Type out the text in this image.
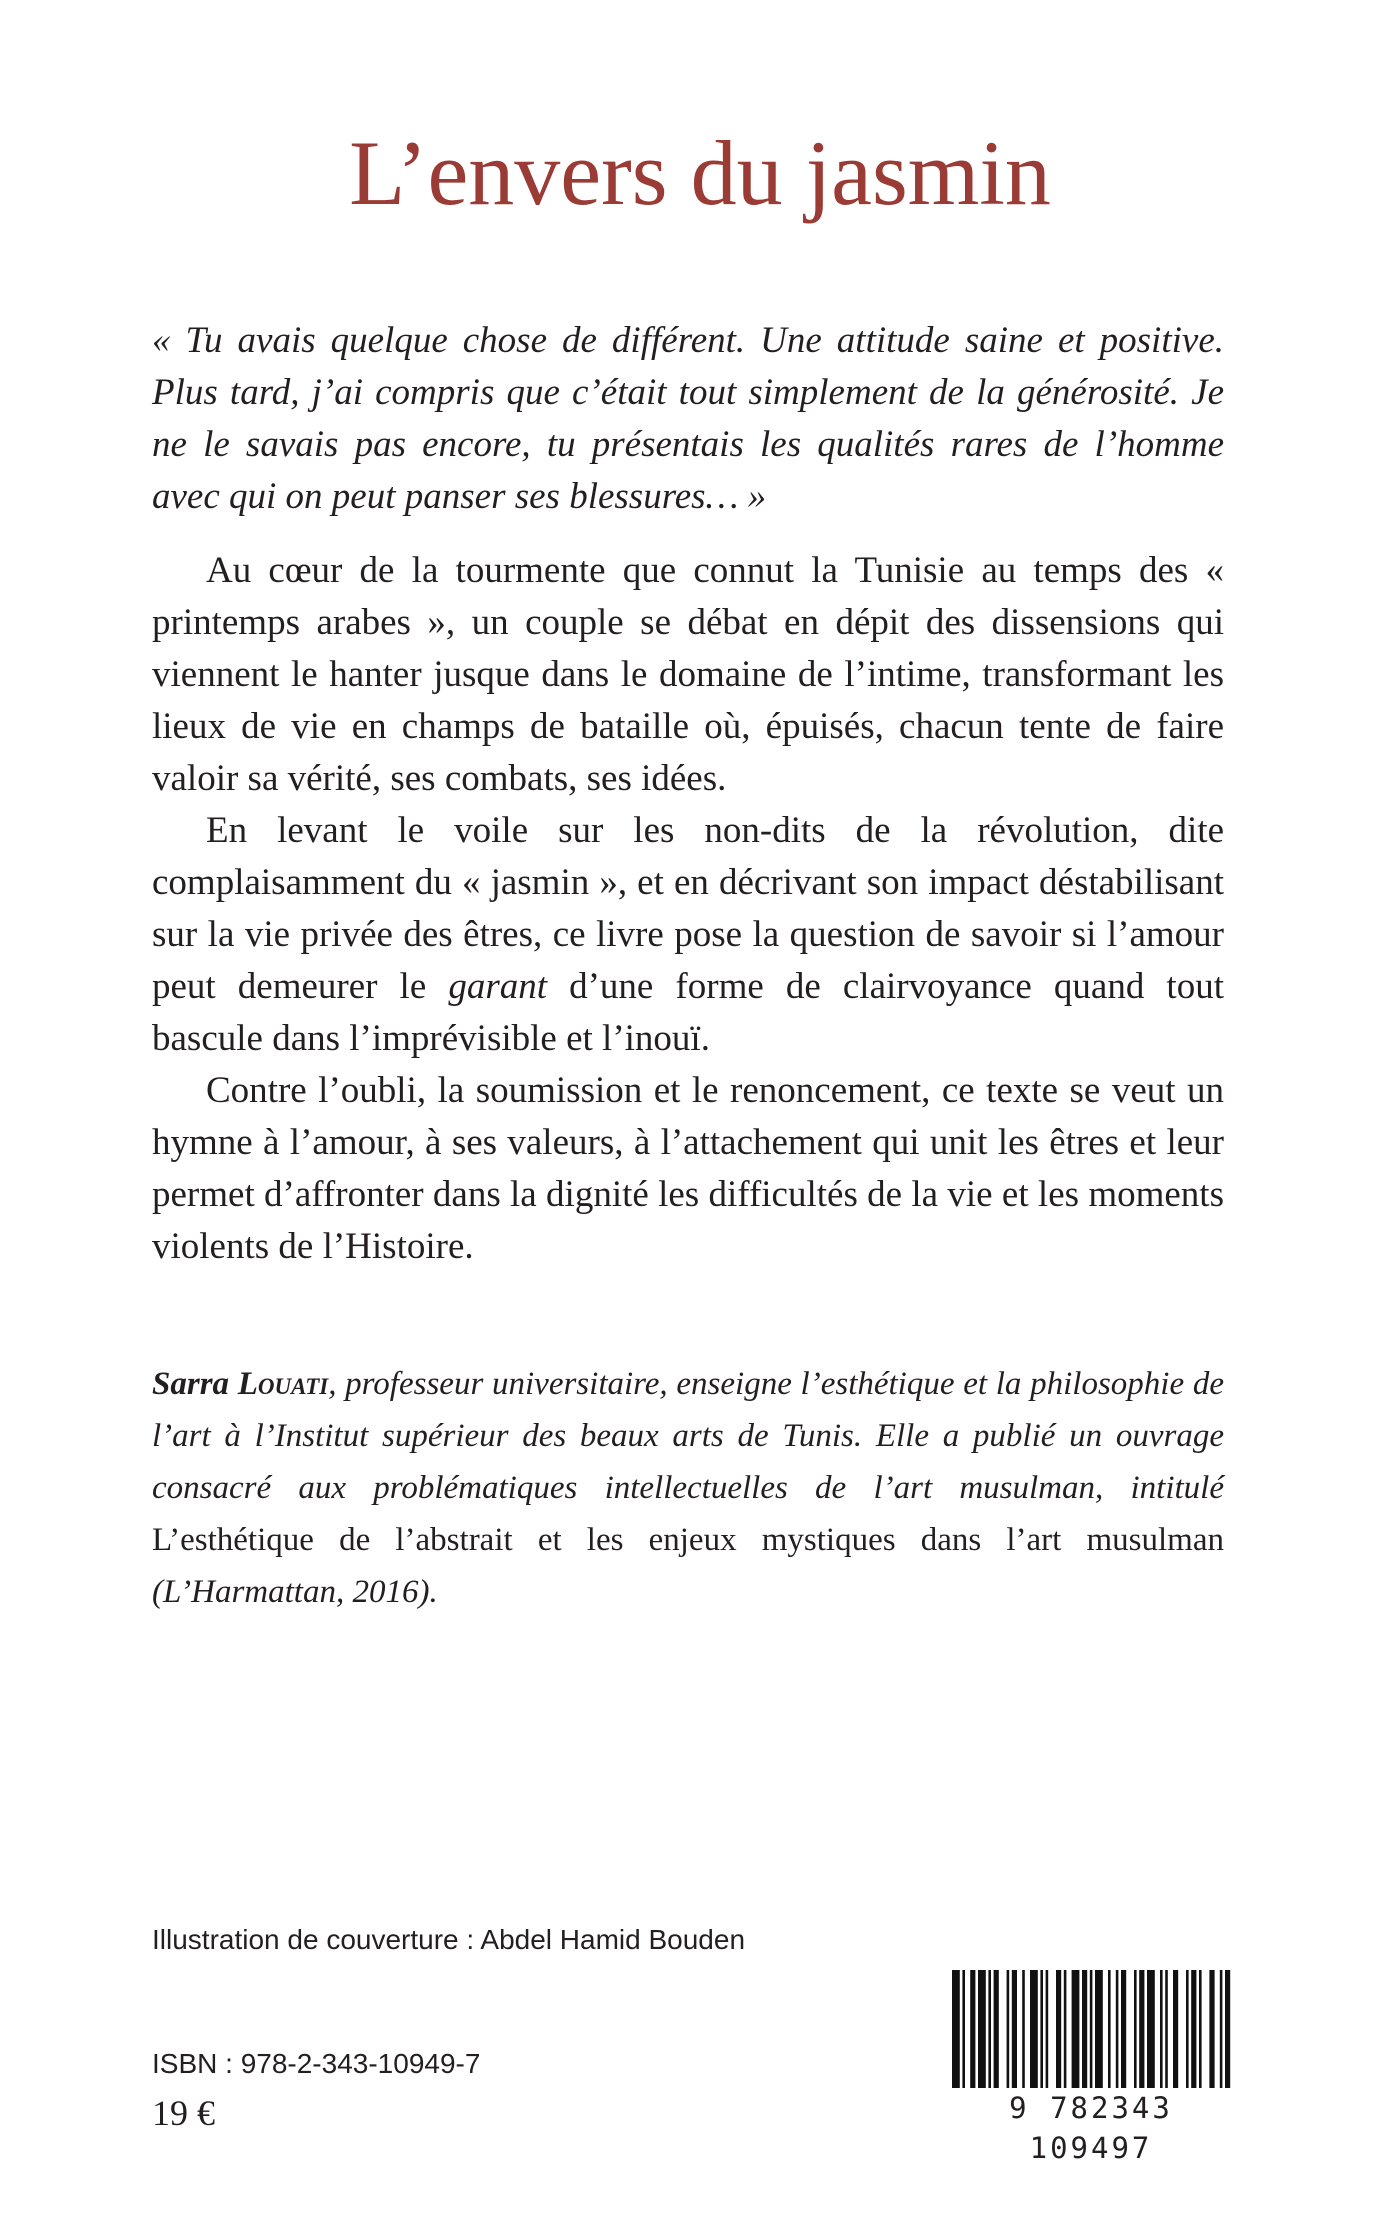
L’envers du jasmin

« Tu avais quelque chose de différent. Une attitude saine et positive. Plus tard, j’ai compris que c’était tout simplement de la générosité. Je ne le savais pas encore, tu présentais les qualités rares de l’homme avec qui on peut panser ses blessures… »

Au cœur de la tourmente que connut la Tunisie au temps des « printemps arabes », un couple se débat en dépit des dissensions qui viennent le hanter jusque dans le domaine de l’intime, transformant les lieux de vie en champs de bataille où, épuisés, chacun tente de faire valoir sa vérité, ses combats, ses idées.

En levant le voile sur les non-dits de la révolution, dite complaisamment du « jasmin », et en décrivant son impact déstabilisant sur la vie privée des êtres, ce livre pose la question de savoir si l’amour peut demeurer le garant d’une forme de clairvoyance quand tout bascule dans l’imprévisible et l’inouï.

Contre l’oubli, la soumission et le renoncement, ce texte se veut un hymne à l’amour, à ses valeurs, à l’attachement qui unit les êtres et leur permet d’affronter dans la dignité les difficultés de la vie et les moments violents de l’Histoire.

Sarra Louati, professeur universitaire, enseigne l’esthétique et la philosophie de l’art à l’Institut supérieur des beaux arts de Tunis. Elle a publié un ouvrage consacré aux problématiques intellectuelles de l’art musulman, intitulé L’esthétique de l’abstrait et les enjeux mystiques dans l’art musulman (L’Harmattan, 2016).

Illustration de couverture : Abdel Hamid Bouden
ISBN : 978-2-343-10949-7
19 €	9 782343 109497
